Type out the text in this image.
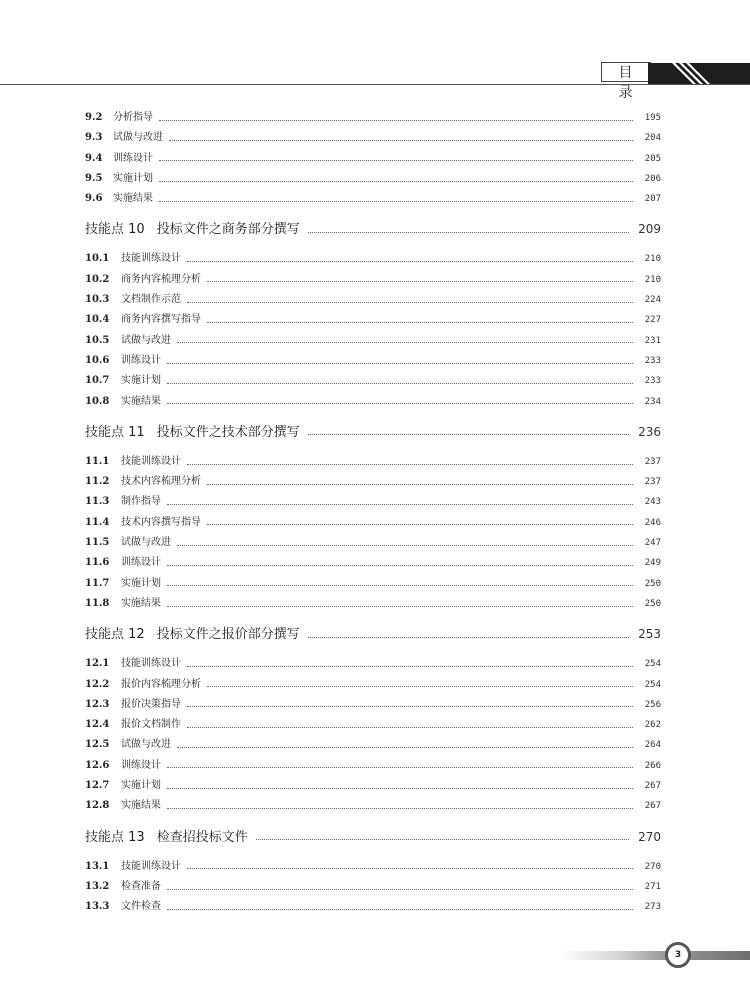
目 录
9.2	分析指导	195
9.3	试做与改进	204
9.4	训练设计	205
9.5	实施计划	206
9.6	实施结果	207
技能点 10 投标文件之商务部分撰写	209
10.1	技能训练设计	210
10.2	商务内容梳理分析	210
10.3	文档制作示范	224
10.4	商务内容撰写指导	227
10.5	试做与改进	231
10.6	训练设计	233
10.7	实施计划	233
10.8	实施结果	234
技能点 11 投标文件之技术部分撰写	236
11.1	技能训练设计	237
11.2	技术内容梳理分析	237
11.3	制作指导	243
11.4	技术内容撰写指导	246
11.5	试做与改进	247
11.6	训练设计	249
11.7	实施计划	250
11.8	实施结果	250
技能点 12 投标文件之报价部分撰写	253
12.1	技能训练设计	254
12.2	报价内容梳理分析	254
12.3	报价决策指导	256
12.4	报价文档制作	262
12.5	试做与改进	264
12.6	训练设计	266
12.7	实施计划	267
12.8	实施结果	267
技能点 13 检查招投标文件	270
13.1	技能训练设计	270
13.2	检查准备	271
13.3	文件检查	273
3
